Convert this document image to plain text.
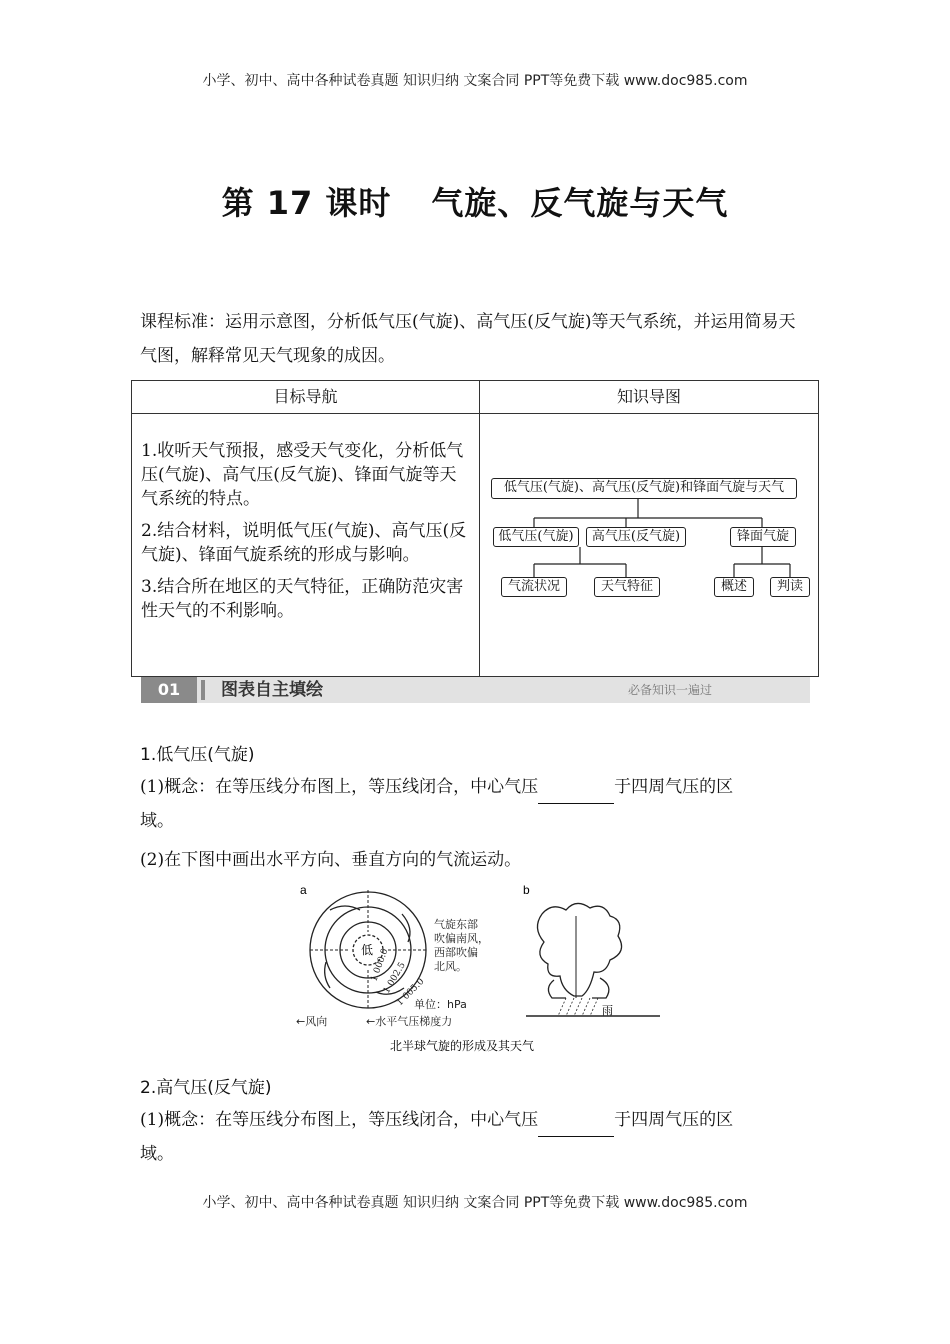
小学、初中、高中各种试卷真题 知识归纳 文案合同 PPT等免费下载 www.doc985.com
第 17 课时 气旋、反气旋与天气
课程标准：运用示意图，分析低气压(气旋)、高气压(反气旋)等天气系统，并运用简易天气图，解释常见天气现象的成因。
目标导航	知识导图

1.收听天气预报，感受天气变化，分析低气压(气旋)、高气压(反气旋)、锋面气旋等天气系统的特点。

2.结合材料，说明低气压(气旋)、高气压(反气旋)、锋面气旋系统的形成与影响。

3.结合所在地区的天气特征，正确防范灾害性天气的不利影响。

低气压(气旋)、高气压(反气旋)和锋面气旋与天气
低气压(气旋)	高气压(反气旋)	锋面气旋
气流状况	天气特征	概述	判读
01	图表自主填绘	必备知识一遍过
1.低气压(气旋)
(1)概念：在等压线分布图上，等压线闭合，中心气压	于四周气压的区
域。
(2)在下图中画出水平方向、垂直方向的气流运动。
a	b
低
1 000.0
1 002.5
1 005.0
气旋东部
吹偏南风，
西部吹偏
北风。
单位：hPa
←风向	←水平气压梯度力
雨
北半球气旋的形成及其天气
2.高气压(反气旋)
(1)概念：在等压线分布图上，等压线闭合，中心气压	于四周气压的区
域。
小学、初中、高中各种试卷真题 知识归纳 文案合同 PPT等免费下载 www.doc985.com
